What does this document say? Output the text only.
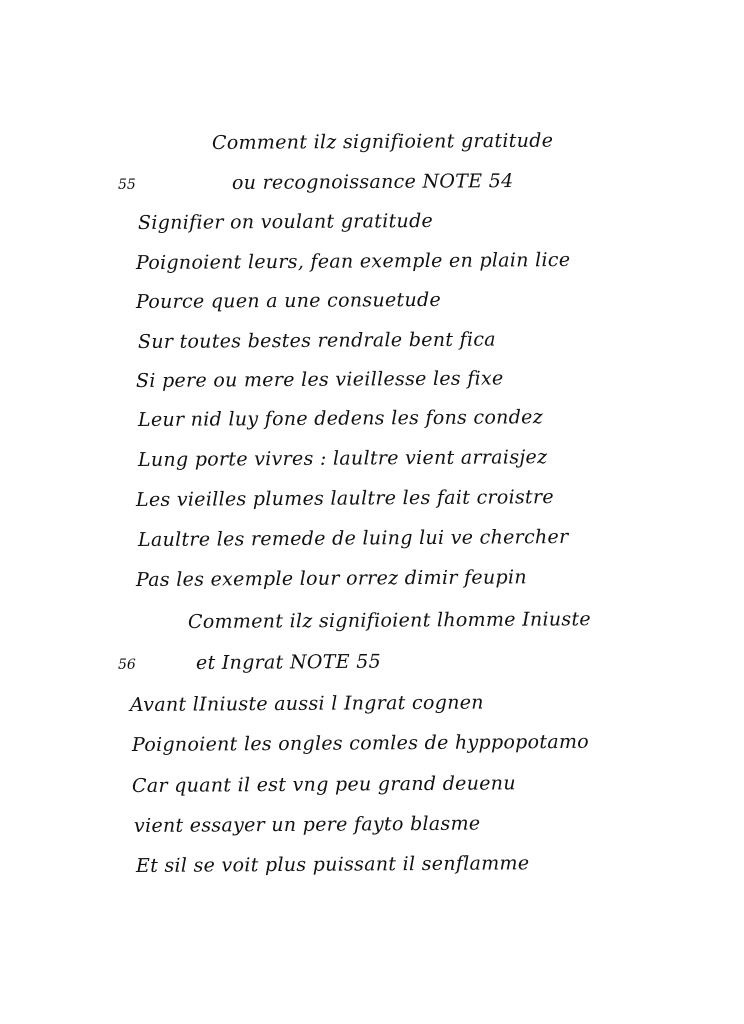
55
56
Comment ilz signifioient gratitude
ou recognoissance NOTE 54
Signifier on voulant gratitude
Poignoient leurs, fean exemple en plain lice
Pource quen a une consuetude
Sur toutes bestes rendrale bent fica
Si pere ou mere les vieillesse les fixe
Leur nid luy fone dedens les fons condez
Lung porte vivres : laultre vient arraisjez
Les vieilles plumes laultre les fait croistre
Laultre les remede de luing lui ve chercher
Pas les exemple lour orrez dimir feupin
Comment ilz signifioient lhomme Iniuste
et Ingrat NOTE 55
Avant lIniuste aussi l Ingrat cognen
Poignoient les ongles comles de hyppopotamo
Car quant il est vng peu grand deuenu
vient essayer un pere fayto blasme
Et sil se voit plus puissant il senflamme
